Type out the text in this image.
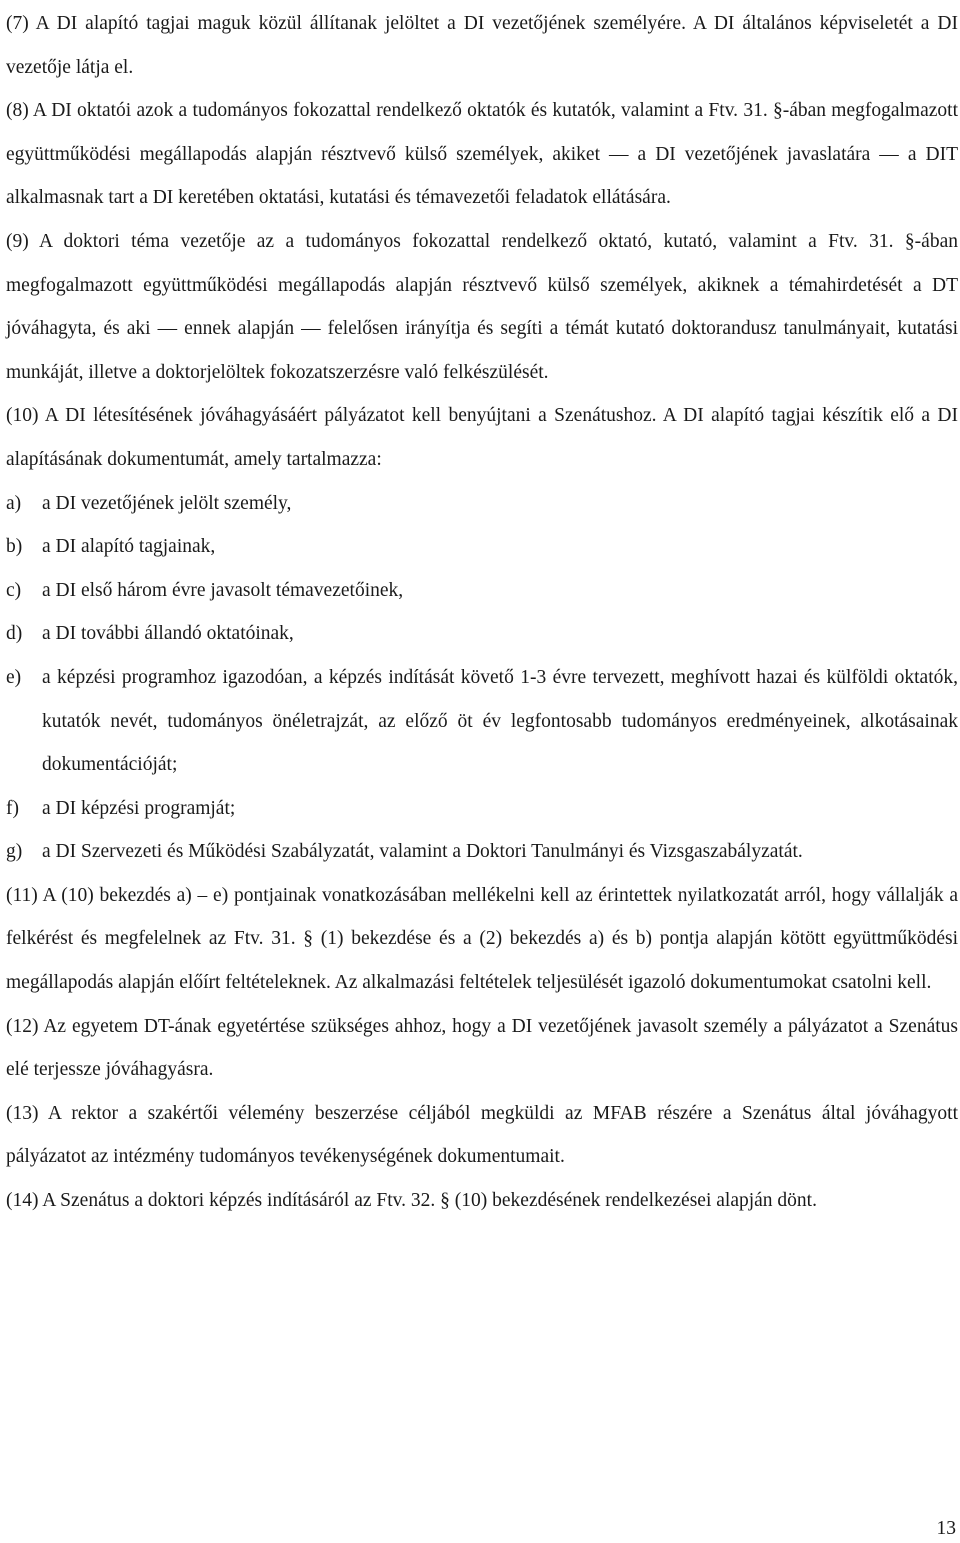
(7) A DI alapító tagjai maguk közül állítanak jelöltet a DI vezetőjének személyére. A DI általános képviseletét a DI vezetője látja el.

(8) A DI oktatói azok a tudományos fokozattal rendelkező oktatók és kutatók, valamint a Ftv. 31. §-ában megfogalmazott együttműködési megállapodás alapján résztvevő külső személyek, akiket — a DI vezetőjének javaslatára — a DIT alkalmasnak tart a DI keretében oktatási, kutatási és témavezetői feladatok ellátására.

(9) A doktori téma vezetője az a tudományos fokozattal rendelkező oktató, kutató, valamint a Ftv. 31. §-ában megfogalmazott együttműködési megállapodás alapján résztvevő külső személyek, akiknek a témahirdetését a DT jóváhagyta, és aki — ennek alapján — felelősen irányítja és segíti a témát kutató doktorandusz tanulmányait, kutatási munkáját, illetve a doktorjelöltek fokozatszerzésre való felkészülését.

(10) A DI létesítésének jóváhagyásáért pályázatot kell benyújtani a Szenátushoz. A DI alapító tagjai készítik elő a DI alapításának dokumentumát, amely tartalmazza:

a)	a DI vezetőjének jelölt személy,
b)	a DI alapító tagjainak,
c)	a DI első három évre javasolt témavezetőinek,
d)	a DI további állandó oktatóinak,
e)	a képzési programhoz igazodóan, a képzés indítását követő 1-3 évre tervezett, meghívott hazai és külföldi oktatók, kutatók nevét, tudományos önéletrajzát, az előző öt év legfontosabb tudományos eredményeinek, alkotásainak dokumentációját;
f)	a DI képzési programját;
g)	a DI Szervezeti és Működési Szabályzatát, valamint a Doktori Tanulmányi és Vizsgaszabályzatát.

(11) A (10) bekezdés a) – e) pontjainak vonatkozásában mellékelni kell az érintettek nyilatkozatát arról, hogy vállalják a felkérést és megfelelnek az Ftv. 31. § (1) bekezdése és a (2) bekezdés a) és b) pontja alapján kötött együttműködési megállapodás alapján előírt feltételeknek. Az alkalmazási feltételek teljesülését igazoló dokumentumokat csatolni kell.

(12) Az egyetem DT-ának egyetértése szükséges ahhoz, hogy a DI vezetőjének javasolt személy a pályázatot a Szenátus elé terjessze jóváhagyásra.

(13) A rektor a szakértői vélemény beszerzése céljából megküldi az MFAB részére a Szenátus által jóváhagyott pályázatot az intézmény tudományos tevékenységének dokumentumait.

(14) A Szenátus a doktori képzés indításáról az Ftv. 32. § (10) bekezdésének rendelkezései alapján dönt.

13
